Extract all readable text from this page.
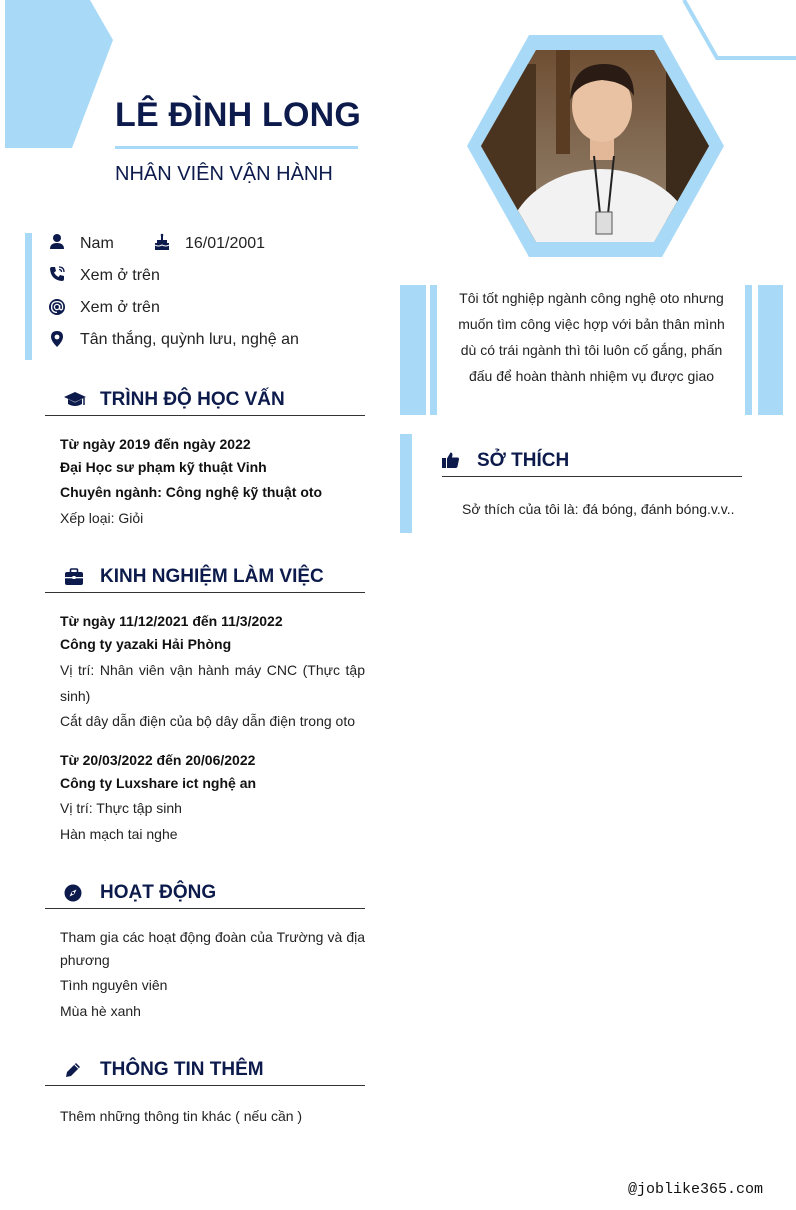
LÊ ĐÌNH LONG
NHÂN VIÊN VẬN HÀNH
Nam	16/01/2001
Xem ở trên
Xem ở trên
Tân thắng, quỳnh lưu, nghệ an
TRÌNH ĐỘ HỌC VẤN
Từ ngày 2019 đến ngày 2022
Đại Học sư phạm kỹ thuật Vinh
Chuyên ngành: Công nghệ kỹ thuật oto
Xếp loại: Giỏi
KINH NGHIỆM LÀM VIỆC
Từ ngày 11/12/2021 đến 11/3/2022
Công ty yazaki Hải Phòng
Vị trí: Nhân viên vận hành máy CNC (Thực tập sinh)
Cắt dây dẫn điện của bộ dây dẫn điện trong oto
Từ 20/03/2022 đến 20/06/2022
Công ty Luxshare ict nghệ an
Vị trí: Thực tập sinh
Hàn mạch tai nghe
HOẠT ĐỘNG
Tham gia các hoạt động đoàn của Trường và địa phương
Tình nguyên viên
Mùa hè xanh
THÔNG TIN THÊM
Thêm những thông tin khác ( nếu cần )
Tôi tốt nghiệp ngành công nghệ oto nhưng muốn tìm công việc hợp với bản thân mình dù có trái ngành thì tôi luôn cố gắng, phấn đấu để hoàn thành nhiệm vụ được giao
SỞ THÍCH
Sở thích của tôi là: đá bóng, đánh bóng.v.v..
@joblike365.com
